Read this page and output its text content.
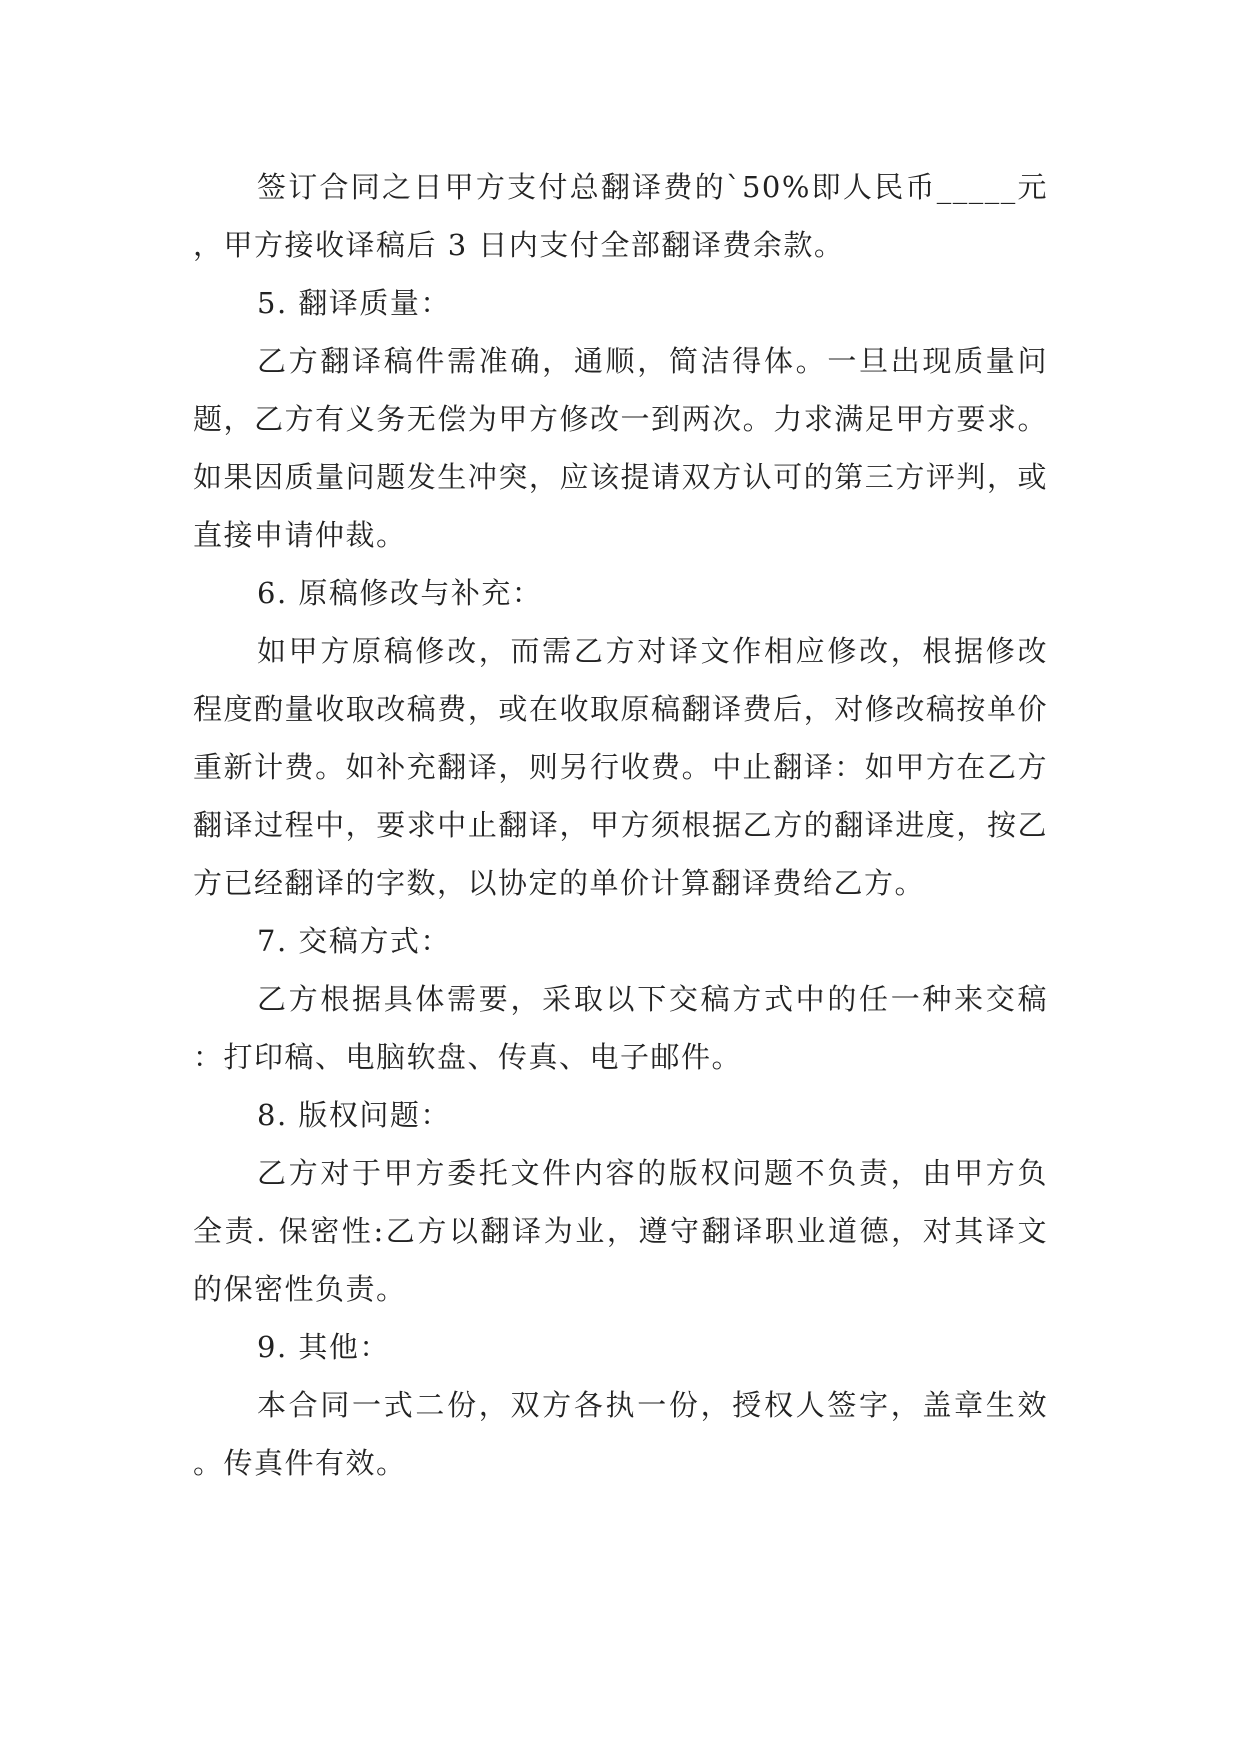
签订合同之日甲方支付总翻译费的`50%即人民币_____元，甲方接收译稿后 3 日内支付全部翻译费余款。

5. 翻译质量：

乙方翻译稿件需准确，通顺，简洁得体。一旦出现质量问题，乙方有义务无偿为甲方修改一到两次。力求满足甲方要求。如果因质量问题发生冲突，应该提请双方认可的第三方评判，或直接申请仲裁。

6. 原稿修改与补充：

如甲方原稿修改，而需乙方对译文作相应修改，根据修改程度酌量收取改稿费，或在收取原稿翻译费后，对修改稿按单价重新计费。如补充翻译，则另行收费。中止翻译：如甲方在乙方翻译过程中，要求中止翻译，甲方须根据乙方的翻译进度，按乙方已经翻译的字数，以协定的单价计算翻译费给乙方。

7. 交稿方式：

乙方根据具体需要，采取以下交稿方式中的任一种来交稿：打印稿、电脑软盘、传真、电子邮件。

8. 版权问题：

乙方对于甲方委托文件内容的版权问题不负责，由甲方负全责. 保密性:乙方以翻译为业，遵守翻译职业道德，对其译文的保密性负责。

9. 其他：

本合同一式二份，双方各执一份，授权人签字，盖章生效。传真件有效。
